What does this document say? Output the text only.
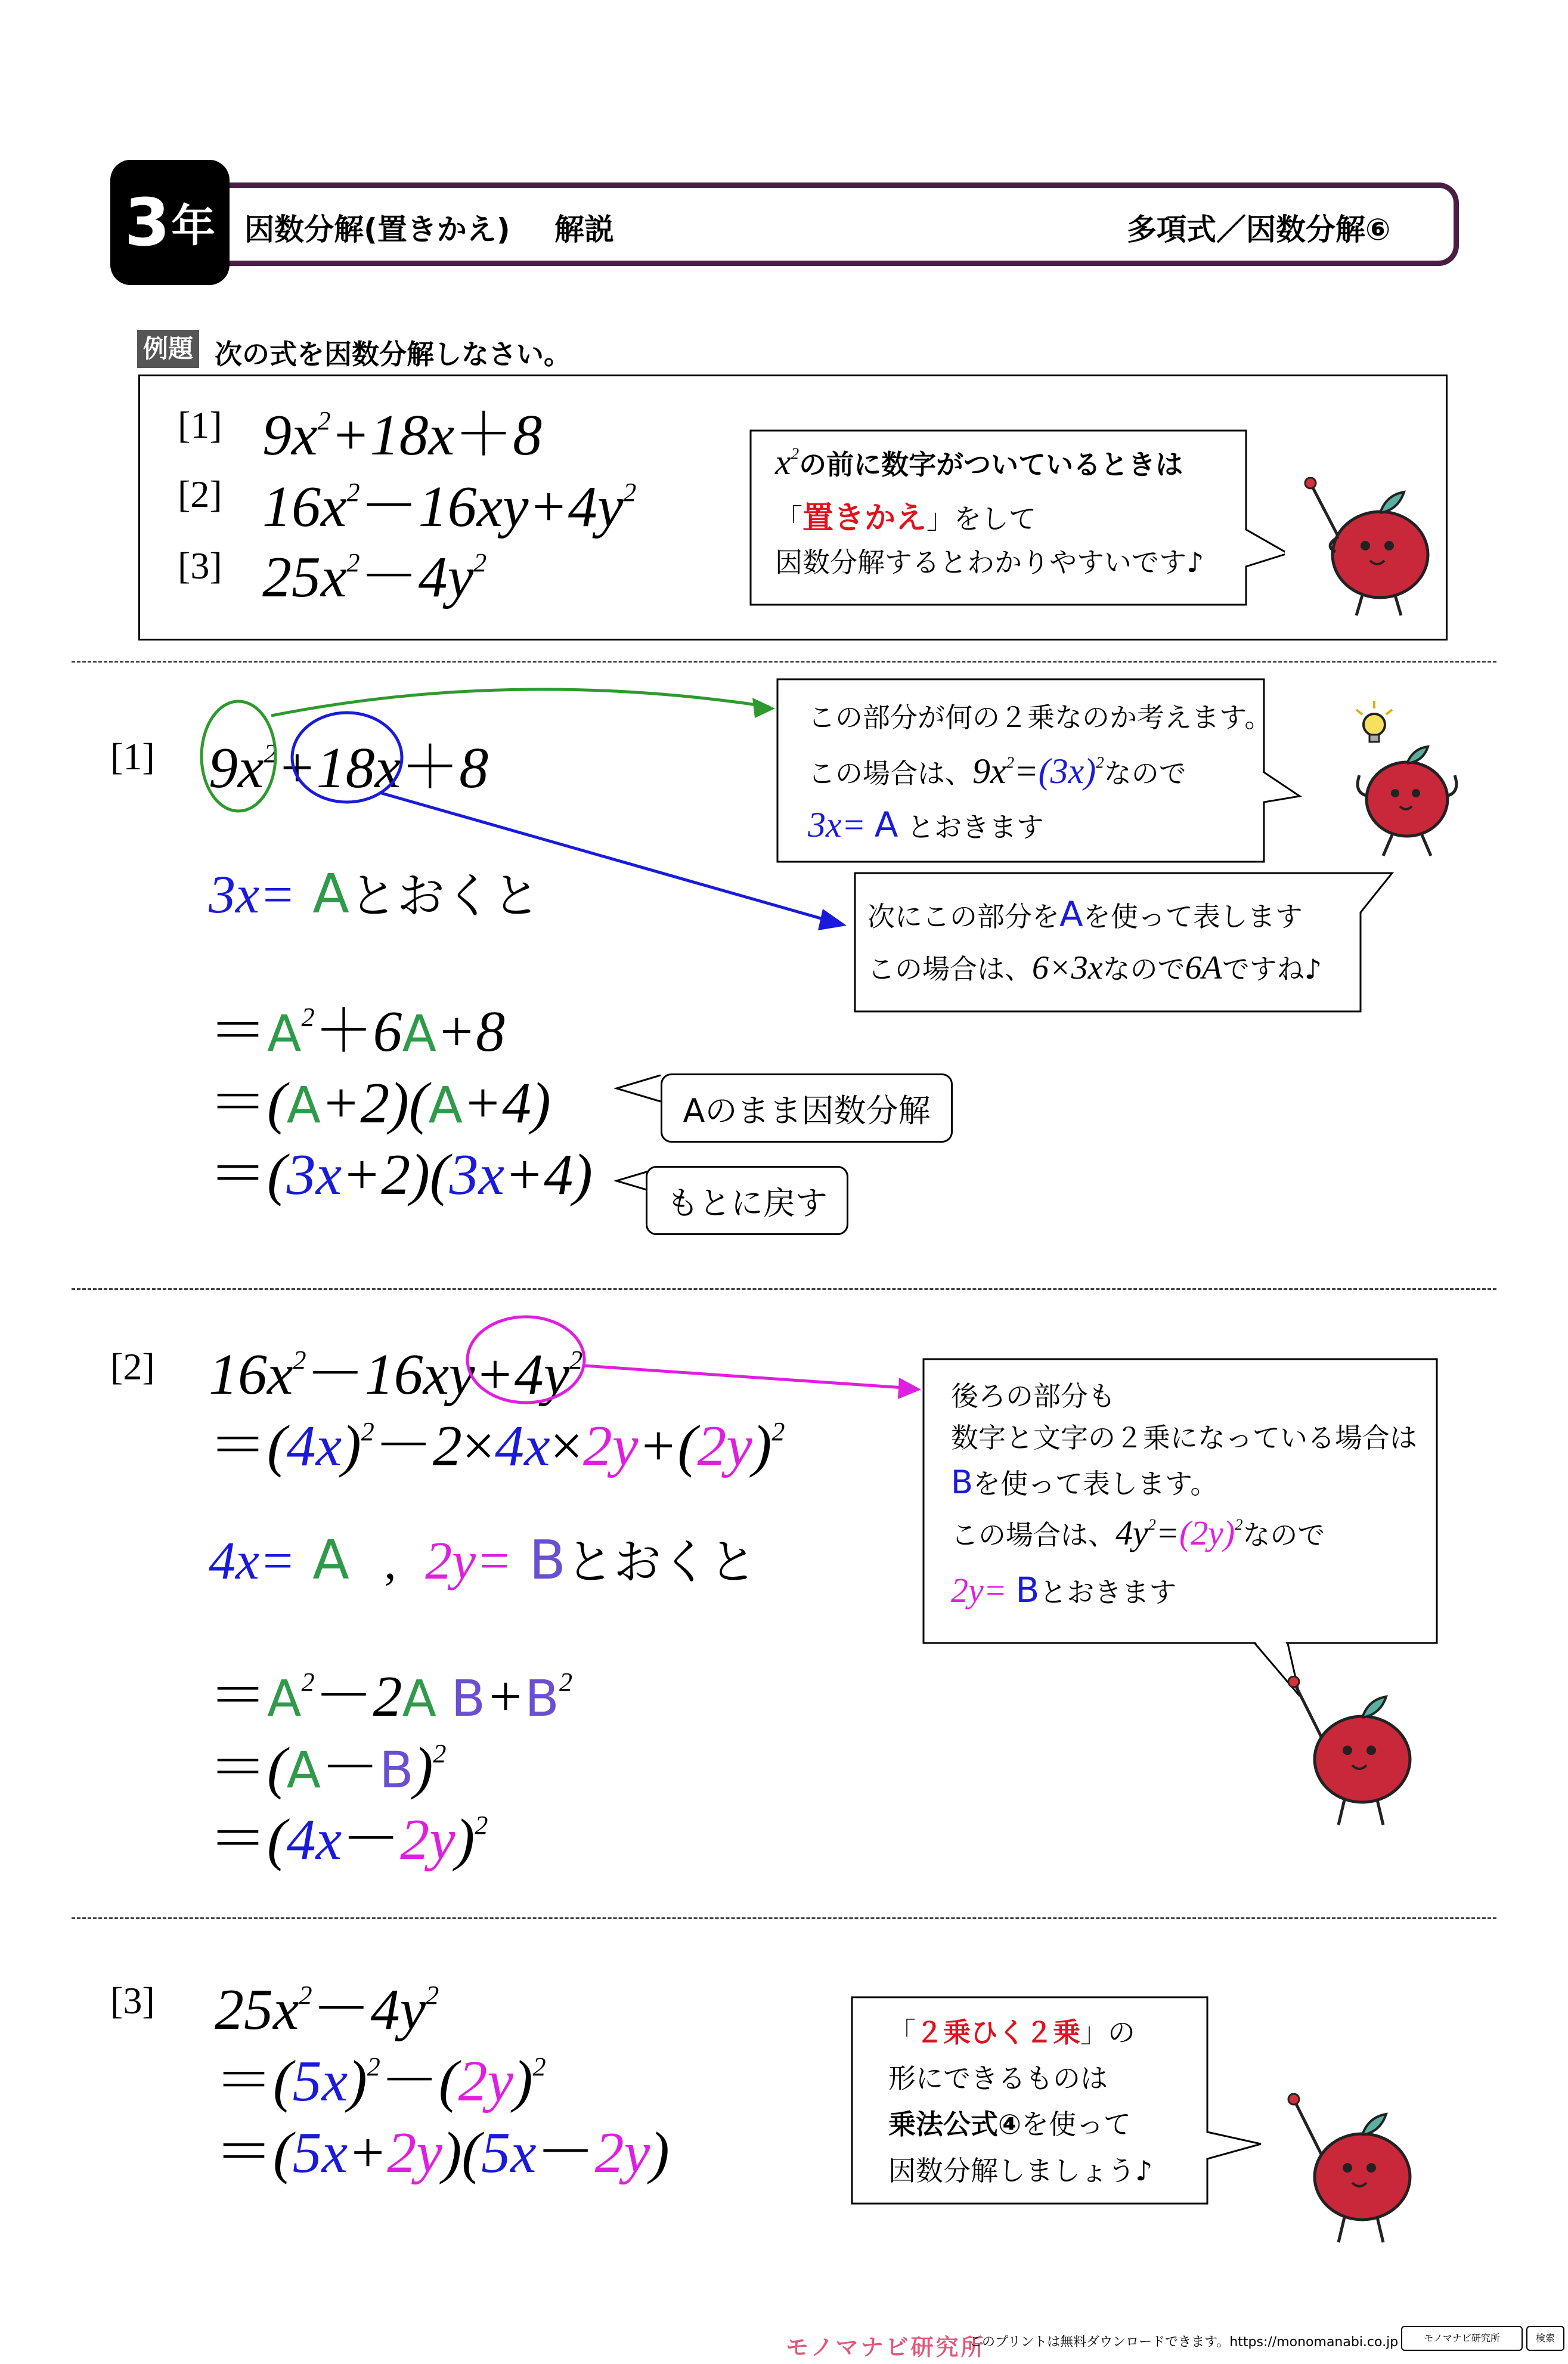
3 年 因数分解(置きかえ) 解説	多項式／因数分解⑥
例題 次の式を因数分解しなさい。
[1]
[2]
[3]
$9x^2+18x+8$
$16x^2-16xy+4y^2$
$25x^2-4y^2$
$x^2$の前に数字がついているときは
「置きかえ」をして
因数分解するとわかりやすいです♪
[1] $9x^2+18x+8$
この部分が何の２乗なのか考えます。
この場合は、$9x^2=(3x)^2$なので
3x= A とおきます
3x= Aとおくと	次にこの部分をAを使って表します
この場合は、6×3xなので6Aですね♪
$=A^2+6A+8$
＝(A+2)(A+4)
＝(3x+2)(3x+4)
Aのまま因数分解
もとに戻す
[2] $16x^2-16xy+4y^2$
$=(4x)^2-2\times 4x\times 2y+(2y)^2$
後ろの部分も
数字と文字の２乗になっている場合は
Bを使って表します。
この場合は、$4y^2=(2y)^2$なので
2y= Bとおきます
4x= A , 2y= Bとおくと
$=A^2-2A$ $B+B^2$
$=(A-B)^2$
$=(4x-2y)^2$
[3] $25x^2-4y^2$
$=(5x)^2-(2y)^2$
＝(5x+2y)(5x－2y)
「２乗ひく２乗」の
形にできるものは
乗法公式④を使って
因数分解しましょう♪
モノマナビ研究所
このプリントは無料ダウンロードできます。https://monomanabi.co.jp	モノマナビ研究所	検索
